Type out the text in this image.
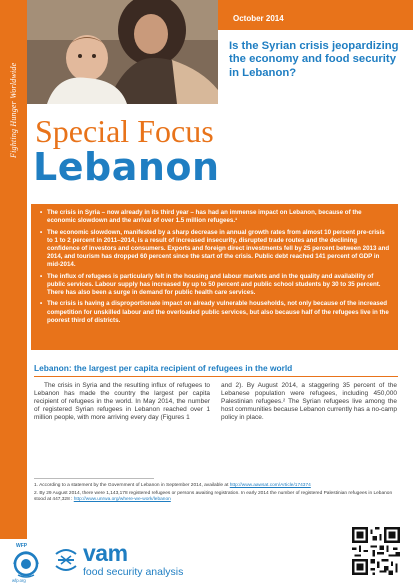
Fighting Hunger Worldwide
October 2014
Is the Syrian crisis jeopardizing the economy and food security in Lebanon?
Special Focus
Lebanon
• The crisis in Syria – now already in its third year – has had an immense impact on Lebanon, because of the economic slowdown and the arrival of over 1.5 million refugees.¹
• The economic slowdown, manifested by a sharp decrease in annual growth rates from almost 10 percent pre-crisis to 1 to 2 percent in 2011–2014, is a result of increased insecurity, disrupted trade routes and the declining confidence of investors and consumers. Exports and foreign direct investments fell by 25 percent between 2013 and 2014, and tourism has dropped 60 percent since the start of the crisis. Public debt reached 141 percent of GDP in mid-2014.
• The influx of refugees is particularly felt in the housing and labour markets and in the quality and availability of public services. Labour supply has increased by up to 50 percent and public school students by 30 to 35 percent. There has also been a surge in demand for public health care services.
• The crisis is having a disproportionate impact on already vulnerable households, not only because of the increased competition for unskilled labour and the overloaded public services, but also because half of the refugees live in the poorest third of districts.
Lebanon: the largest per capita recipient of refugees in the world
The crisis in Syria and the resulting influx of refugees to Lebanon has made the country the largest per capita recipient of refugees in the world. In May 2014, the number of registered Syrian refugees in Lebanon reached over 1 million people, with more arriving every day (Figures 1
and 2). By August 2014, a staggering 35 percent of the Lebanese population were refugees, including 450,000 Palestinian refugees.² The Syrian refugees live among the host communities because Lebanon currently has a no-camp policy in place.
1. According to a statement by the Government of Lebanon in September 2014, available at http://www.aawsat.com/Article/174374
2. By 29 August 2014, there were 1,143,178 registered refugees or persons awaiting registration. In early 2014 the number of registered Palestinian refugees in Lebanon stood at 447,328 : http://www.unrwa.org/where-we-work/lebanon
WFP
wfp.org
vam
food security analysis
